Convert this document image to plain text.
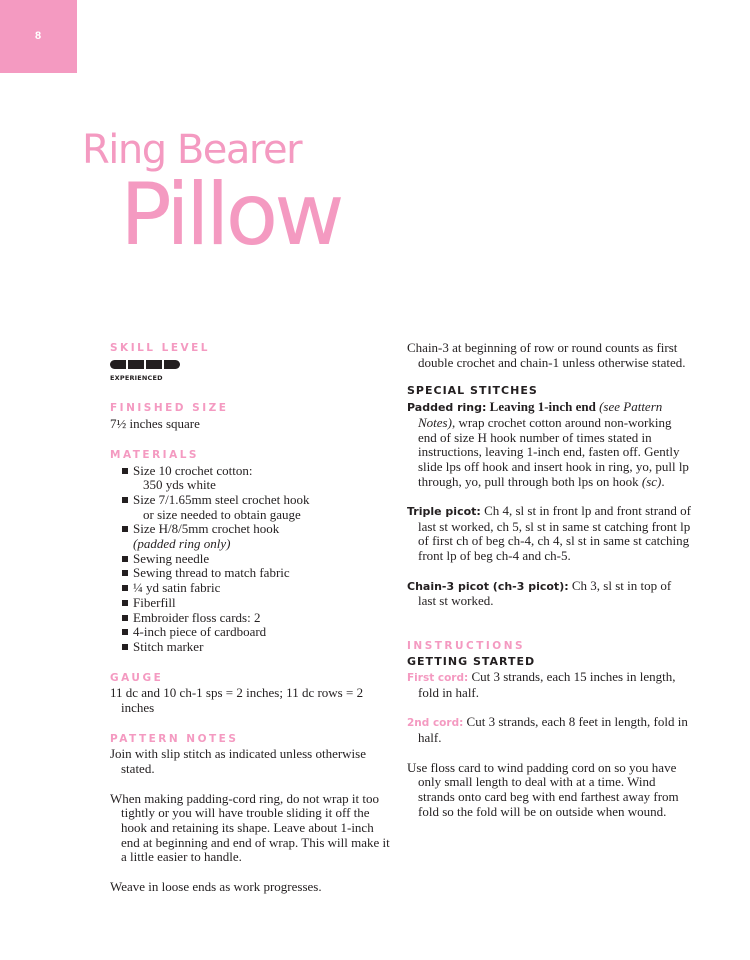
8
Ring Bearer
Pillow
SKILL LEVEL
EXPERIENCED
FINISHED SIZE
7½ inches square
MATERIALS
Size 10 crochet cotton:
350 yds white
Size 7/1.65mm steel crochet hook
or size needed to obtain gauge
Size H/8/5mm crochet hook
(padded ring only)
Sewing needle
Sewing thread to match fabric
¼ yd satin fabric
Fiberfill
Embroider floss cards: 2
4-inch piece of cardboard
Stitch marker
GAUGE
11 dc and 10 ch-1 sps = 2 inches; 11 dc rows = 2 inches
PATTERN NOTES
Join with slip stitch as indicated unless otherwise stated.
When making padding-cord ring, do not wrap it too tightly or you will have trouble sliding it off the hook and retaining its shape. Leave about 1-inch end at beginning and end of wrap. This will make it a little easier to handle.
Weave in loose ends as work progresses.
Chain-3 at beginning of row or round counts as first double crochet and chain-1 unless otherwise stated.
SPECIAL STITCHES
Padded ring: Leaving 1-inch end (see Pattern Notes), wrap crochet cotton around non-working end of size H hook number of times stated in instructions, leaving 1-inch end, fasten off. Gently slide lps off hook and insert hook in ring, yo, pull lp through, yo, pull through both lps on hook (sc).
Triple picot: Ch 4, sl st in front lp and front strand of last st worked, ch 5, sl st in same st catching front lp of first ch of beg ch-4, ch 4, sl st in same st catching front lp of beg ch-4 and ch-5.
Chain-3 picot (ch-3 picot): Ch 3, sl st in top of last st worked.
INSTRUCTIONS
GETTING STARTED
First cord: Cut 3 strands, each 15 inches in length, fold in half.
2nd cord: Cut 3 strands, each 8 feet in length, fold in half.
Use floss card to wind padding cord on so you have only small length to deal with at a time. Wind strands onto card beg with end farthest away from fold so the fold will be on outside when wound.
